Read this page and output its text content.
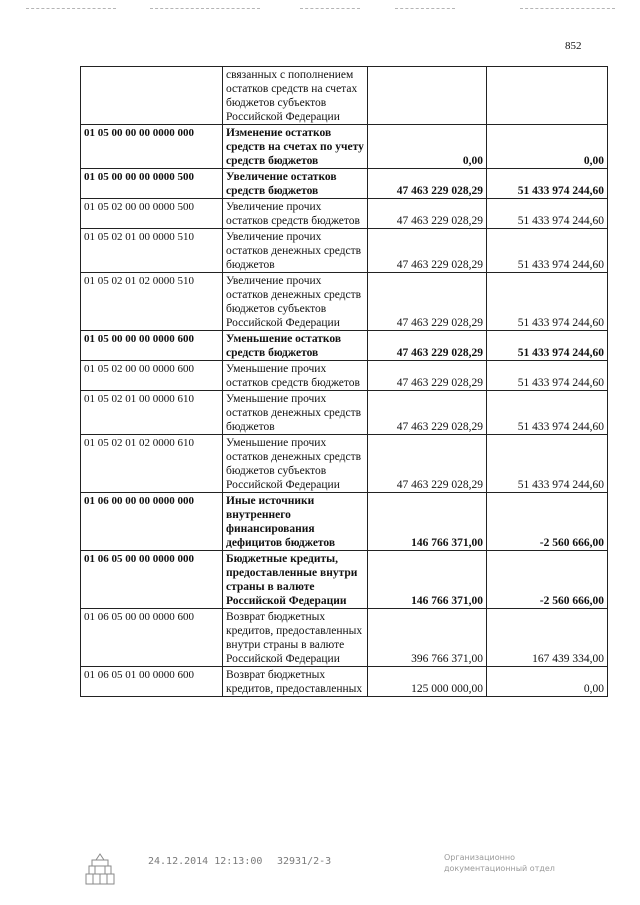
852
	связанных с пополнением остатков средств на счетах бюджетов субъектов Российской Федерации		
01 05 00 00 00 0000 000	Изменение остатков средств на счетах по учету средств бюджетов	0,00	0,00
01 05 00 00 00 0000 500	Увеличение остатков средств бюджетов	47 463 229 028,29	51 433 974 244,60
01 05 02 00 00 0000 500	Увеличение прочих остатков средств бюджетов	47 463 229 028,29	51 433 974 244,60
01 05 02 01 00 0000 510	Увеличение прочих остатков денежных средств бюджетов	47 463 229 028,29	51 433 974 244,60
01 05 02 01 02 0000 510	Увеличение прочих остатков денежных средств бюджетов субъектов Российской Федерации	47 463 229 028,29	51 433 974 244,60
01 05 00 00 00 0000 600	Уменьшение остатков средств бюджетов	47 463 229 028,29	51 433 974 244,60
01 05 02 00 00 0000 600	Уменьшение прочих остатков средств бюджетов	47 463 229 028,29	51 433 974 244,60
01 05 02 01 00 0000 610	Уменьшение прочих остатков денежных средств бюджетов	47 463 229 028,29	51 433 974 244,60
01 05 02 01 02 0000 610	Уменьшение прочих остатков денежных средств бюджетов субъектов Российской Федерации	47 463 229 028,29	51 433 974 244,60
01 06 00 00 00 0000 000	Иные источники внутреннего финансирования дефицитов бюджетов	146 766 371,00	-2 560 666,00
01 06 05 00 00 0000 000	Бюджетные кредиты, предоставленные внутри страны в валюте Российской Федерации	146 766 371,00	-2 560 666,00
01 06 05 00 00 0000 600	Возврат бюджетных кредитов, предоставленных внутри страны в валюте Российской Федерации	396 766 371,00	167 439 334,00
01 06 05 01 00 0000 600	Возврат бюджетных кредитов, предоставленных	125 000 000,00	0,00
24.12.2014 12:13:00 32931/2-3	Организационно
документационный отдел
